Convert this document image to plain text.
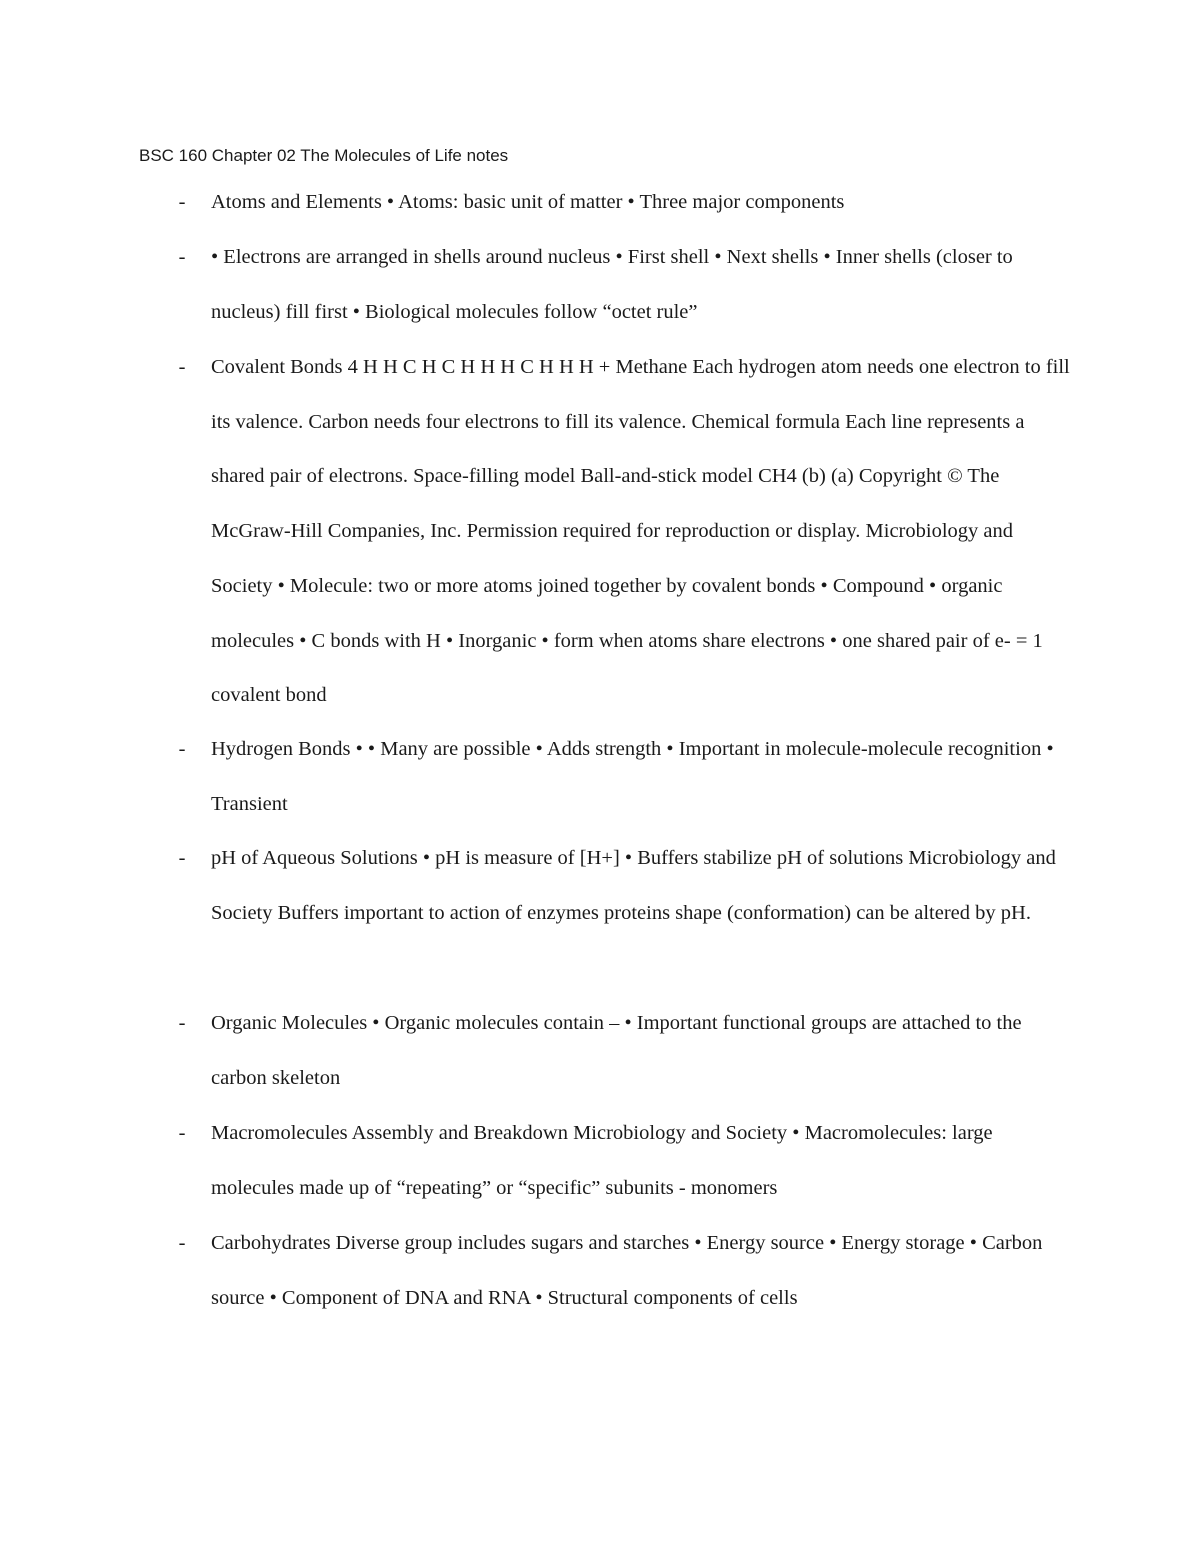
BSC 160 Chapter 02 The Molecules of Life notes
- Atoms and Elements • Atoms: basic unit of matter • Three major components
- • Electrons are arranged in shells around nucleus • First shell • Next shells • Inner shells (closer to nucleus) fill first • Biological molecules follow “octet rule”
- Covalent Bonds 4 H H C H C H H H C H H H + Methane Each hydrogen atom needs one electron to fill its valence. Carbon needs four electrons to fill its valence. Chemical formula Each line represents a shared pair of electrons. Space-filling model Ball-and-stick model CH4 (b) (a) Copyright © The McGraw-Hill Companies, Inc. Permission required for reproduction or display. Microbiology and Society • Molecule: two or more atoms joined together by covalent bonds • Compound • organic molecules • C bonds with H • Inorganic • form when atoms share electrons • one shared pair of e- = 1 covalent bond
- Hydrogen Bonds • • Many are possible • Adds strength • Important in molecule-molecule recognition • Transient
- pH of Aqueous Solutions • pH is measure of [H+] • Buffers stabilize pH of solutions Microbiology and Society Buffers important to action of enzymes proteins shape (conformation) can be altered by pH.
- Organic Molecules • Organic molecules contain – • Important functional groups are attached to the carbon skeleton
- Macromolecules Assembly and Breakdown Microbiology and Society • Macromolecules: large molecules made up of “repeating” or “specific” subunits - monomers
- Carbohydrates Diverse group includes sugars and starches • Energy source • Energy storage • Carbon source • Component of DNA and RNA • Structural components of cells
